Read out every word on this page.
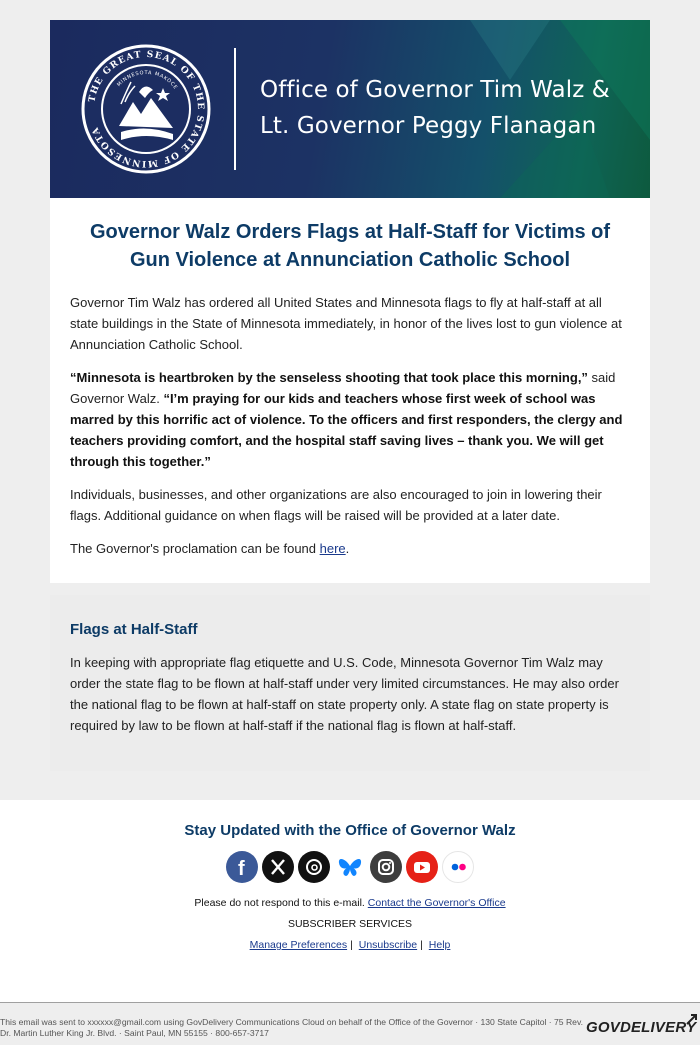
THE GREAT SEAL OF THE STATE OF MINNESOTA
MINNESOTA MAKOCE	Office of Governor Tim Walz &
Lt. Governor Peggy Flanagan
Governor Walz Orders Flags at Half-Staff for Victims of Gun Violence at Annunciation Catholic School

Governor Tim Walz has ordered all United States and Minnesota flags to fly at half-staff at all state buildings in the State of Minnesota immediately, in honor of the lives lost to gun violence at Annunciation Catholic School.

“Minnesota is heartbroken by the senseless shooting that took place this morning,” said Governor Walz. “I’m praying for our kids and teachers whose first week of school was marred by this horrific act of violence. To the officers and first responders, the clergy and teachers providing comfort, and the hospital staff saving lives – thank you. We will get through this together.”

Individuals, businesses, and other organizations are also encouraged to join in lowering their flags. Additional guidance on when flags will be raised will be provided at a later date.

The Governor's proclamation can be found here.

Flags at Half-Staff

In keeping with appropriate flag etiquette and U.S. Code, Minnesota Governor Tim Walz may order the state flag to be flown at half-staff under very limited circumstances. He may also order the national flag to be flown at half-staff on state property only. A state flag on state property is required by law to be flown at half-staff if the national flag is flown at half-staff.

Stay Updated with the Office of Governor Walz
f
Please do not respond to this e-mail. Contact the Governor's Office
SUBSCRIBER SERVICES
Manage Preferences | Unsubscribe | Help
This email was sent to xxxxxx@gmail.com using GovDelivery Communications Cloud on behalf of the Office of the Governor · 130 State Capitol · 75 Rev. Dr. Martin Luther King Jr. Blvd. · Saint Paul, MN 55155 · 800-657-3717	GOVDELIVERY
